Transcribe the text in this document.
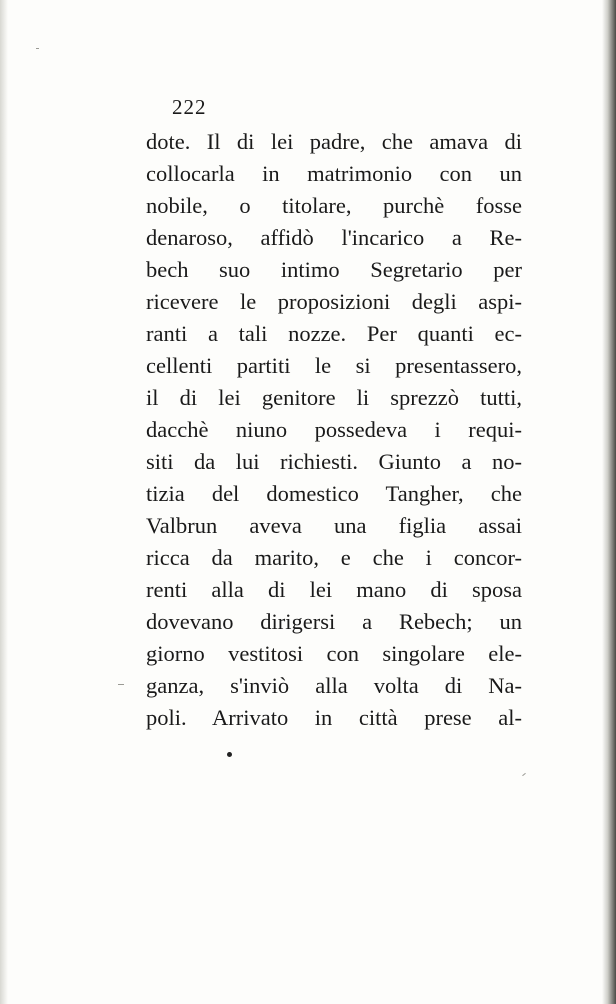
222
dote. Il di lei padre, che amava di
collocarla in matrimonio con un
nobile, o titolare, purchè fosse
denaroso, affidò l'incarico a Re-
bech suo intimo Segretario per
ricevere le proposizioni degli aspi-
ranti a tali nozze. Per quanti ec-
cellenti partiti le si presentassero,
il di lei genitore li sprezzò tutti,
dacchè niuno possedeva i requi-
siti da lui richiesti. Giunto a no-
tizia del domestico Tangher, che
Valbrun aveva una figlia assai
ricca da marito, e che i concor-
renti alla di lei mano di sposa
dovevano dirigersi a Rebech; un
giorno vestitosi con singolare ele-
ganza, s'inviò alla volta di Na-
poli. Arrivato in città prese al-
